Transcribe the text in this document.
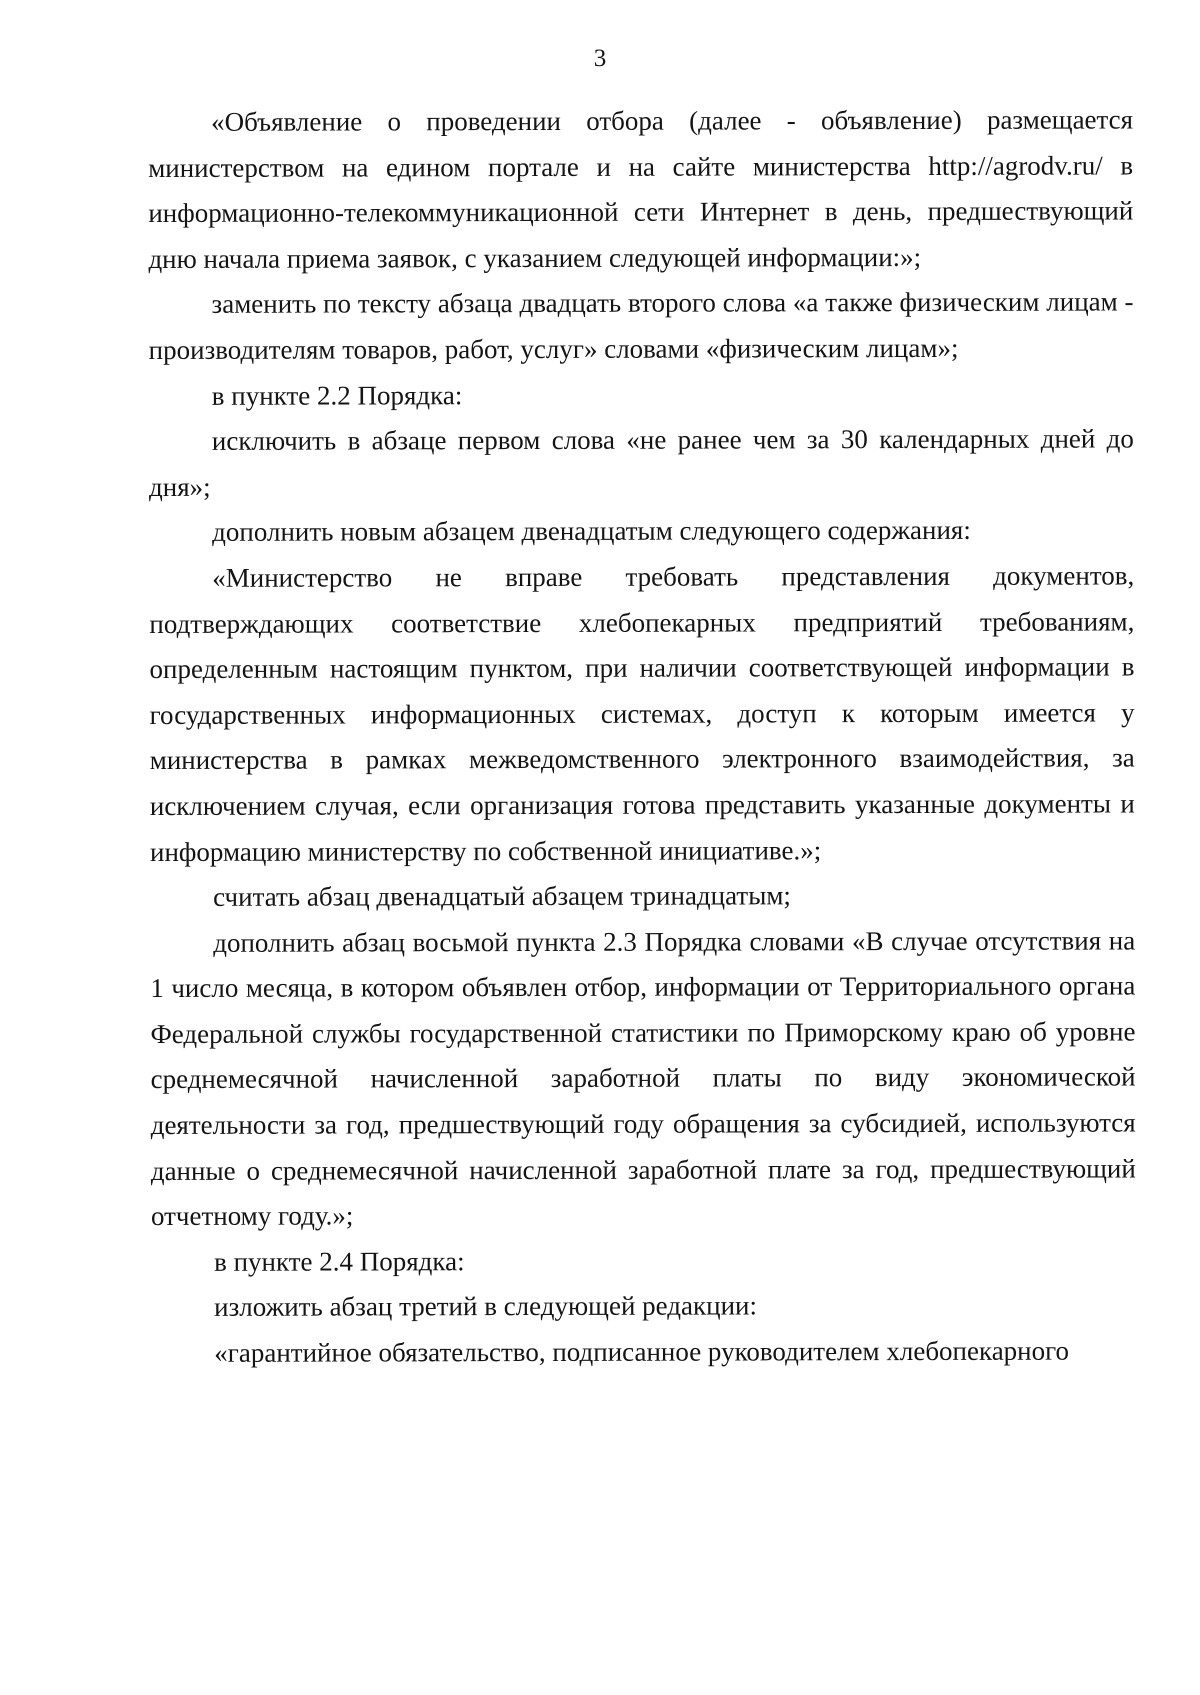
3

«Объявление о проведении отбора (далее - объявление) размещается министерством на едином портале и на сайте министерства http://agrodv.ru/ в информационно-телекоммуникационной сети Интернет в день, предшествующий дню начала приема заявок, с указанием следующей информации:»;

заменить по тексту абзаца двадцать второго слова «а также физическим лицам - производителям товаров, работ, услуг» словами «физическим лицам»;

в пункте 2.2 Порядка:

исключить в абзаце первом слова «не ранее чем за 30 календарных дней до дня»;

дополнить новым абзацем двенадцатым следующего содержания:

«Министерство не вправе требовать представления документов, подтверждающих соответствие хлебопекарных предприятий требованиям, определенным настоящим пунктом, при наличии соответствующей информации в государственных информационных системах, доступ к которым имеется у министерства в рамках межведомственного электронного взаимодействия, за исключением случая, если организация готова представить указанные документы и информацию министерству по собственной инициативе.»;

считать абзац двенадцатый абзацем тринадцатым;

дополнить абзац восьмой пункта 2.3 Порядка словами «В случае отсутствия на 1 число месяца, в котором объявлен отбор, информации от Территориального органа Федеральной службы государственной статистики по Приморскому краю об уровне среднемесячной начисленной заработной платы по виду экономической деятельности за год, предшествующий году обращения за субсидией, используются данные о среднемесячной начисленной заработной плате за год, предшествующий отчетному году.»;

в пункте 2.4 Порядка:

изложить абзац третий в следующей редакции:

«гарантийное обязательство, подписанное руководителем хлебопекарного
